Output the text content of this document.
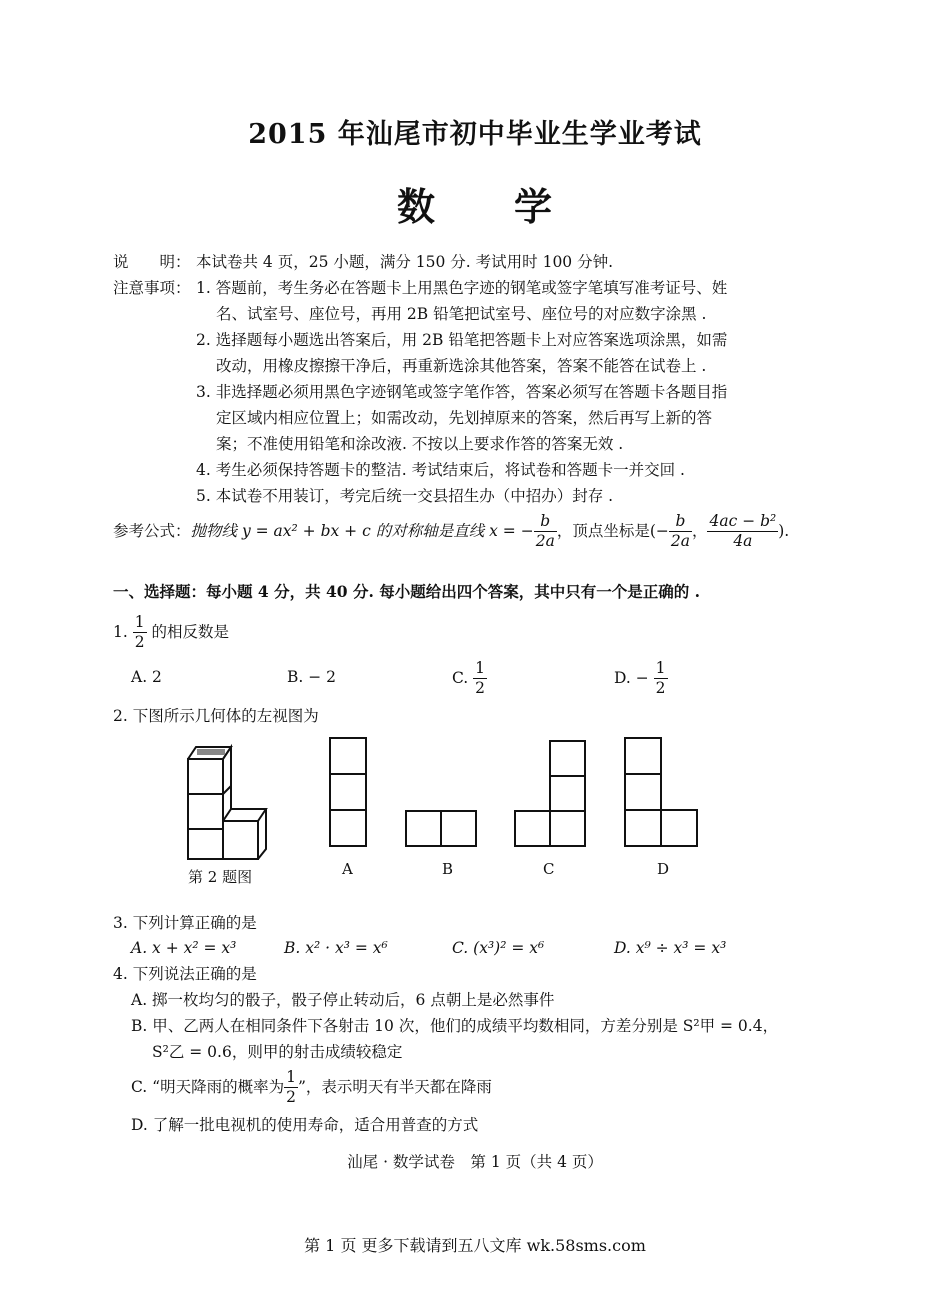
2015 年汕尾市初中毕业生学业考试
数　　学
说　　明： 本试卷共 4 页，25 小题，满分 150 分. 考试用时 100 分钟.
注意事项： 1. 答题前，考生务必在答题卡上用黑色字迹的钢笔或签字笔填写准考证号、姓
名、试室号、座位号，再用 2B 铅笔把试室号、座位号的对应数字涂黑 .
2. 选择题每小题选出答案后，用 2B 铅笔把答题卡上对应答案选项涂黑，如需
改动，用橡皮擦擦干净后，再重新选涂其他答案，答案不能答在试卷上 .
3. 非选择题必须用黑色字迹钢笔或签字笔作答，答案必须写在答题卡各题目指
定区域内相应位置上；如需改动，先划掉原来的答案，然后再写上新的答
案；不准使用铅笔和涂改液. 不按以上要求作答的答案无效 .
4. 考生必须保持答题卡的整洁. 考试结束后，将试卷和答题卡一并交回 .
5. 本试卷不用装订，考完后统一交县招生办（中招办）封存 .
参考公式： 抛物线 y = ax² + bx + c 的对称轴是直线 x = − $\frac{b}{2a}$ ，顶点坐标是(− $\frac{b}{2a}$ ， $\frac{\text{4ac − b²}}{4a}$ ).
一、选择题：每小题 4 分，共 40 分. 每小题给出四个答案，其中只有一个是正确的 .
1.
$\frac{1}{2}$
的相反数是
A. 2	B. − 2	C.
$\frac{1}{2}$	D. −
$\frac{1}{2}$
2. 下图所示几何体的左视图为
第 2 题图	A	B	C	D
3. 下列计算正确的是
A. x + x² = x³	B. x² · x³ = x⁶	C. (x³)² = x⁶	D. x⁹ ÷ x³ = x³
4. 下列说法正确的是
A. 掷一枚均匀的骰子，骰子停止转动后，6 点朝上是必然事件
B. 甲、乙两人在相同条件下各射击 10 次，他们的成绩平均数相同，方差分别是 S²甲 = 0.4，
S²乙 = 0.6，则甲的射击成绩较稳定
C. “明天降雨的概率为 $\frac{1}{2}$ ”，表示明天有半天都在降雨
D. 了解一批电视机的使用寿命，适合用普查的方式
汕尾 · 数学试卷　第 1 页（共 4 页）
第 1 页 更多下载请到五八文库 wk.58sms.com
